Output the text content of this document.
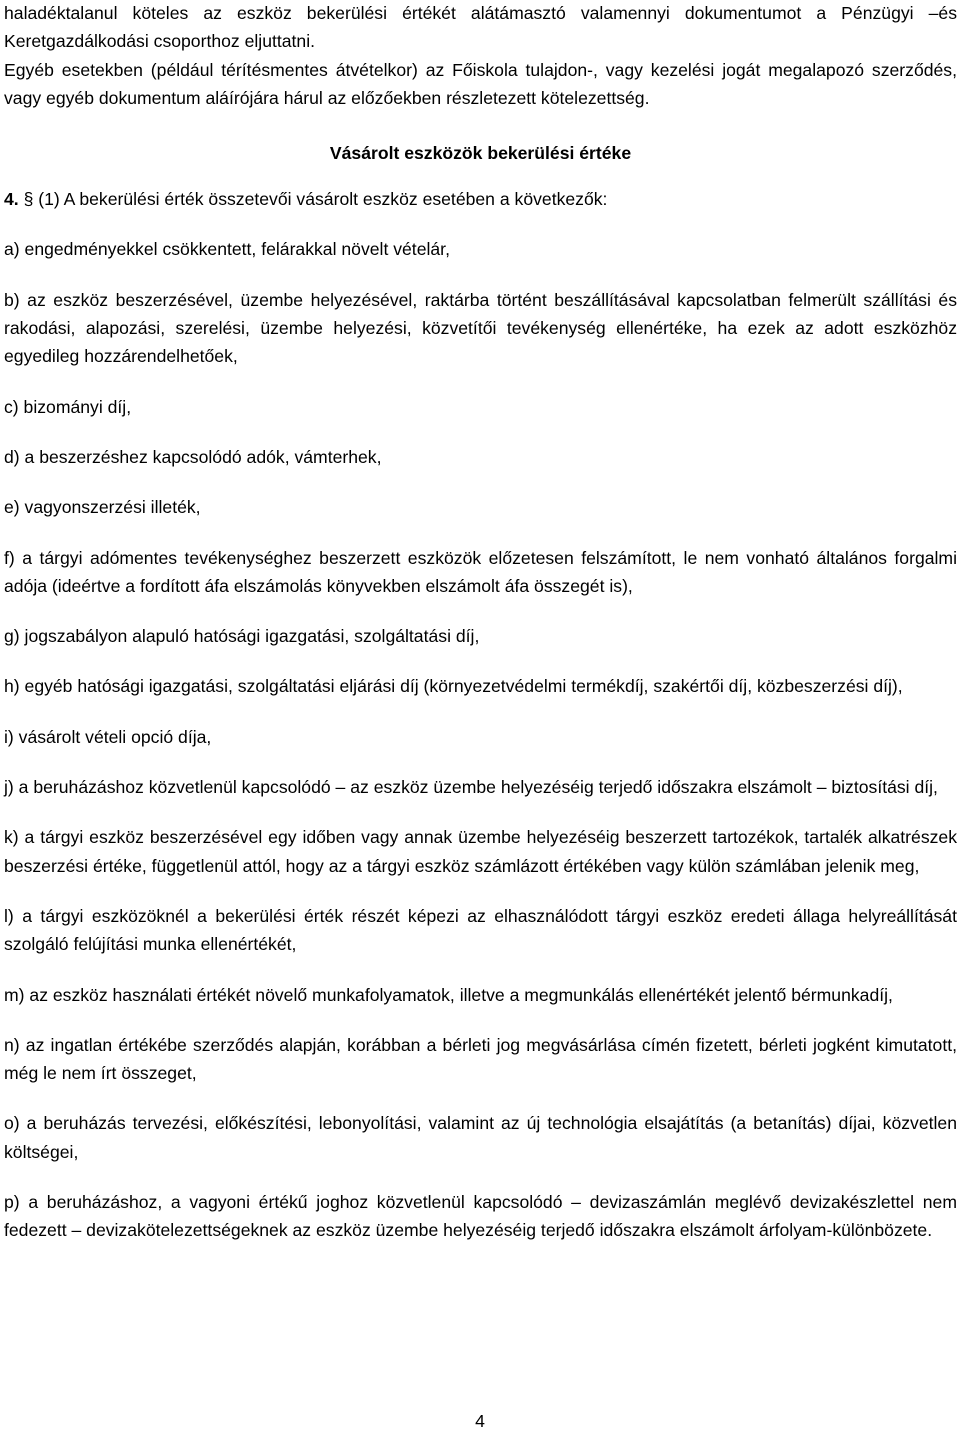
haladéktalanul köteles az eszköz bekerülési értékét alátámasztó valamennyi dokumentumot a Pénzügyi –és Keretgazdálkodási csoporthoz eljuttatni.

Egyéb esetekben (például térítésmentes átvételkor) az Főiskola tulajdon-, vagy kezelési jogát megalapozó szerződés, vagy egyéb dokumentum aláírójára hárul az előzőekben részletezett kötelezettség.

Vásárolt eszközök bekerülési értéke

4. § (1) A bekerülési érték összetevői vásárolt eszköz esetében a következők:

a) engedményekkel csökkentett, felárakkal növelt vételár,

b) az eszköz beszerzésével, üzembe helyezésével, raktárba történt beszállításával kapcsolatban felmerült szállítási és rakodási, alapozási, szerelési, üzembe helyezési, közvetítői tevékenység ellenértéke, ha ezek az adott eszközhöz egyedileg hozzárendelhetőek,

c) bizományi díj,

d) a beszerzéshez kapcsolódó adók, vámterhek,

e) vagyonszerzési illeték,

f) a tárgyi adómentes tevékenységhez beszerzett eszközök előzetesen felszámított, le nem vonható általános forgalmi adója (ideértve a fordított áfa elszámolás könyvekben elszámolt áfa összegét is),

g) jogszabályon alapuló hatósági igazgatási, szolgáltatási díj,

h) egyéb hatósági igazgatási, szolgáltatási eljárási díj (környezetvédelmi termékdíj, szakértői díj, közbeszerzési díj),

i) vásárolt vételi opció díja,

j) a beruházáshoz közvetlenül kapcsolódó – az eszköz üzembe helyezéséig terjedő időszakra elszámolt – biztosítási díj,

k) a tárgyi eszköz beszerzésével egy időben vagy annak üzembe helyezéséig beszerzett tartozékok, tartalék alkatrészek beszerzési értéke, függetlenül attól, hogy az a tárgyi eszköz számlázott értékében vagy külön számlában jelenik meg,

l) a tárgyi eszközöknél a bekerülési érték részét képezi az elhasználódott tárgyi eszköz eredeti állaga helyreállítását szolgáló felújítási munka ellenértékét,

m) az eszköz használati értékét növelő munkafolyamatok, illetve a megmunkálás ellenértékét jelentő bérmunkadíj,

n) az ingatlan értékébe szerződés alapján, korábban a bérleti jog megvásárlása címén fizetett, bérleti jogként kimutatott, még le nem írt összeget,

o) a beruházás tervezési, előkészítési, lebonyolítási, valamint az új technológia elsajátítás (a betanítás) díjai, közvetlen költségei,

p) a beruházáshoz, a vagyoni értékű joghoz közvetlenül kapcsolódó – devizaszámlán meglévő devizakészlettel nem fedezett – devizakötelezettségeknek az eszköz üzembe helyezéséig terjedő időszakra elszámolt árfolyam-különbözete.

4
